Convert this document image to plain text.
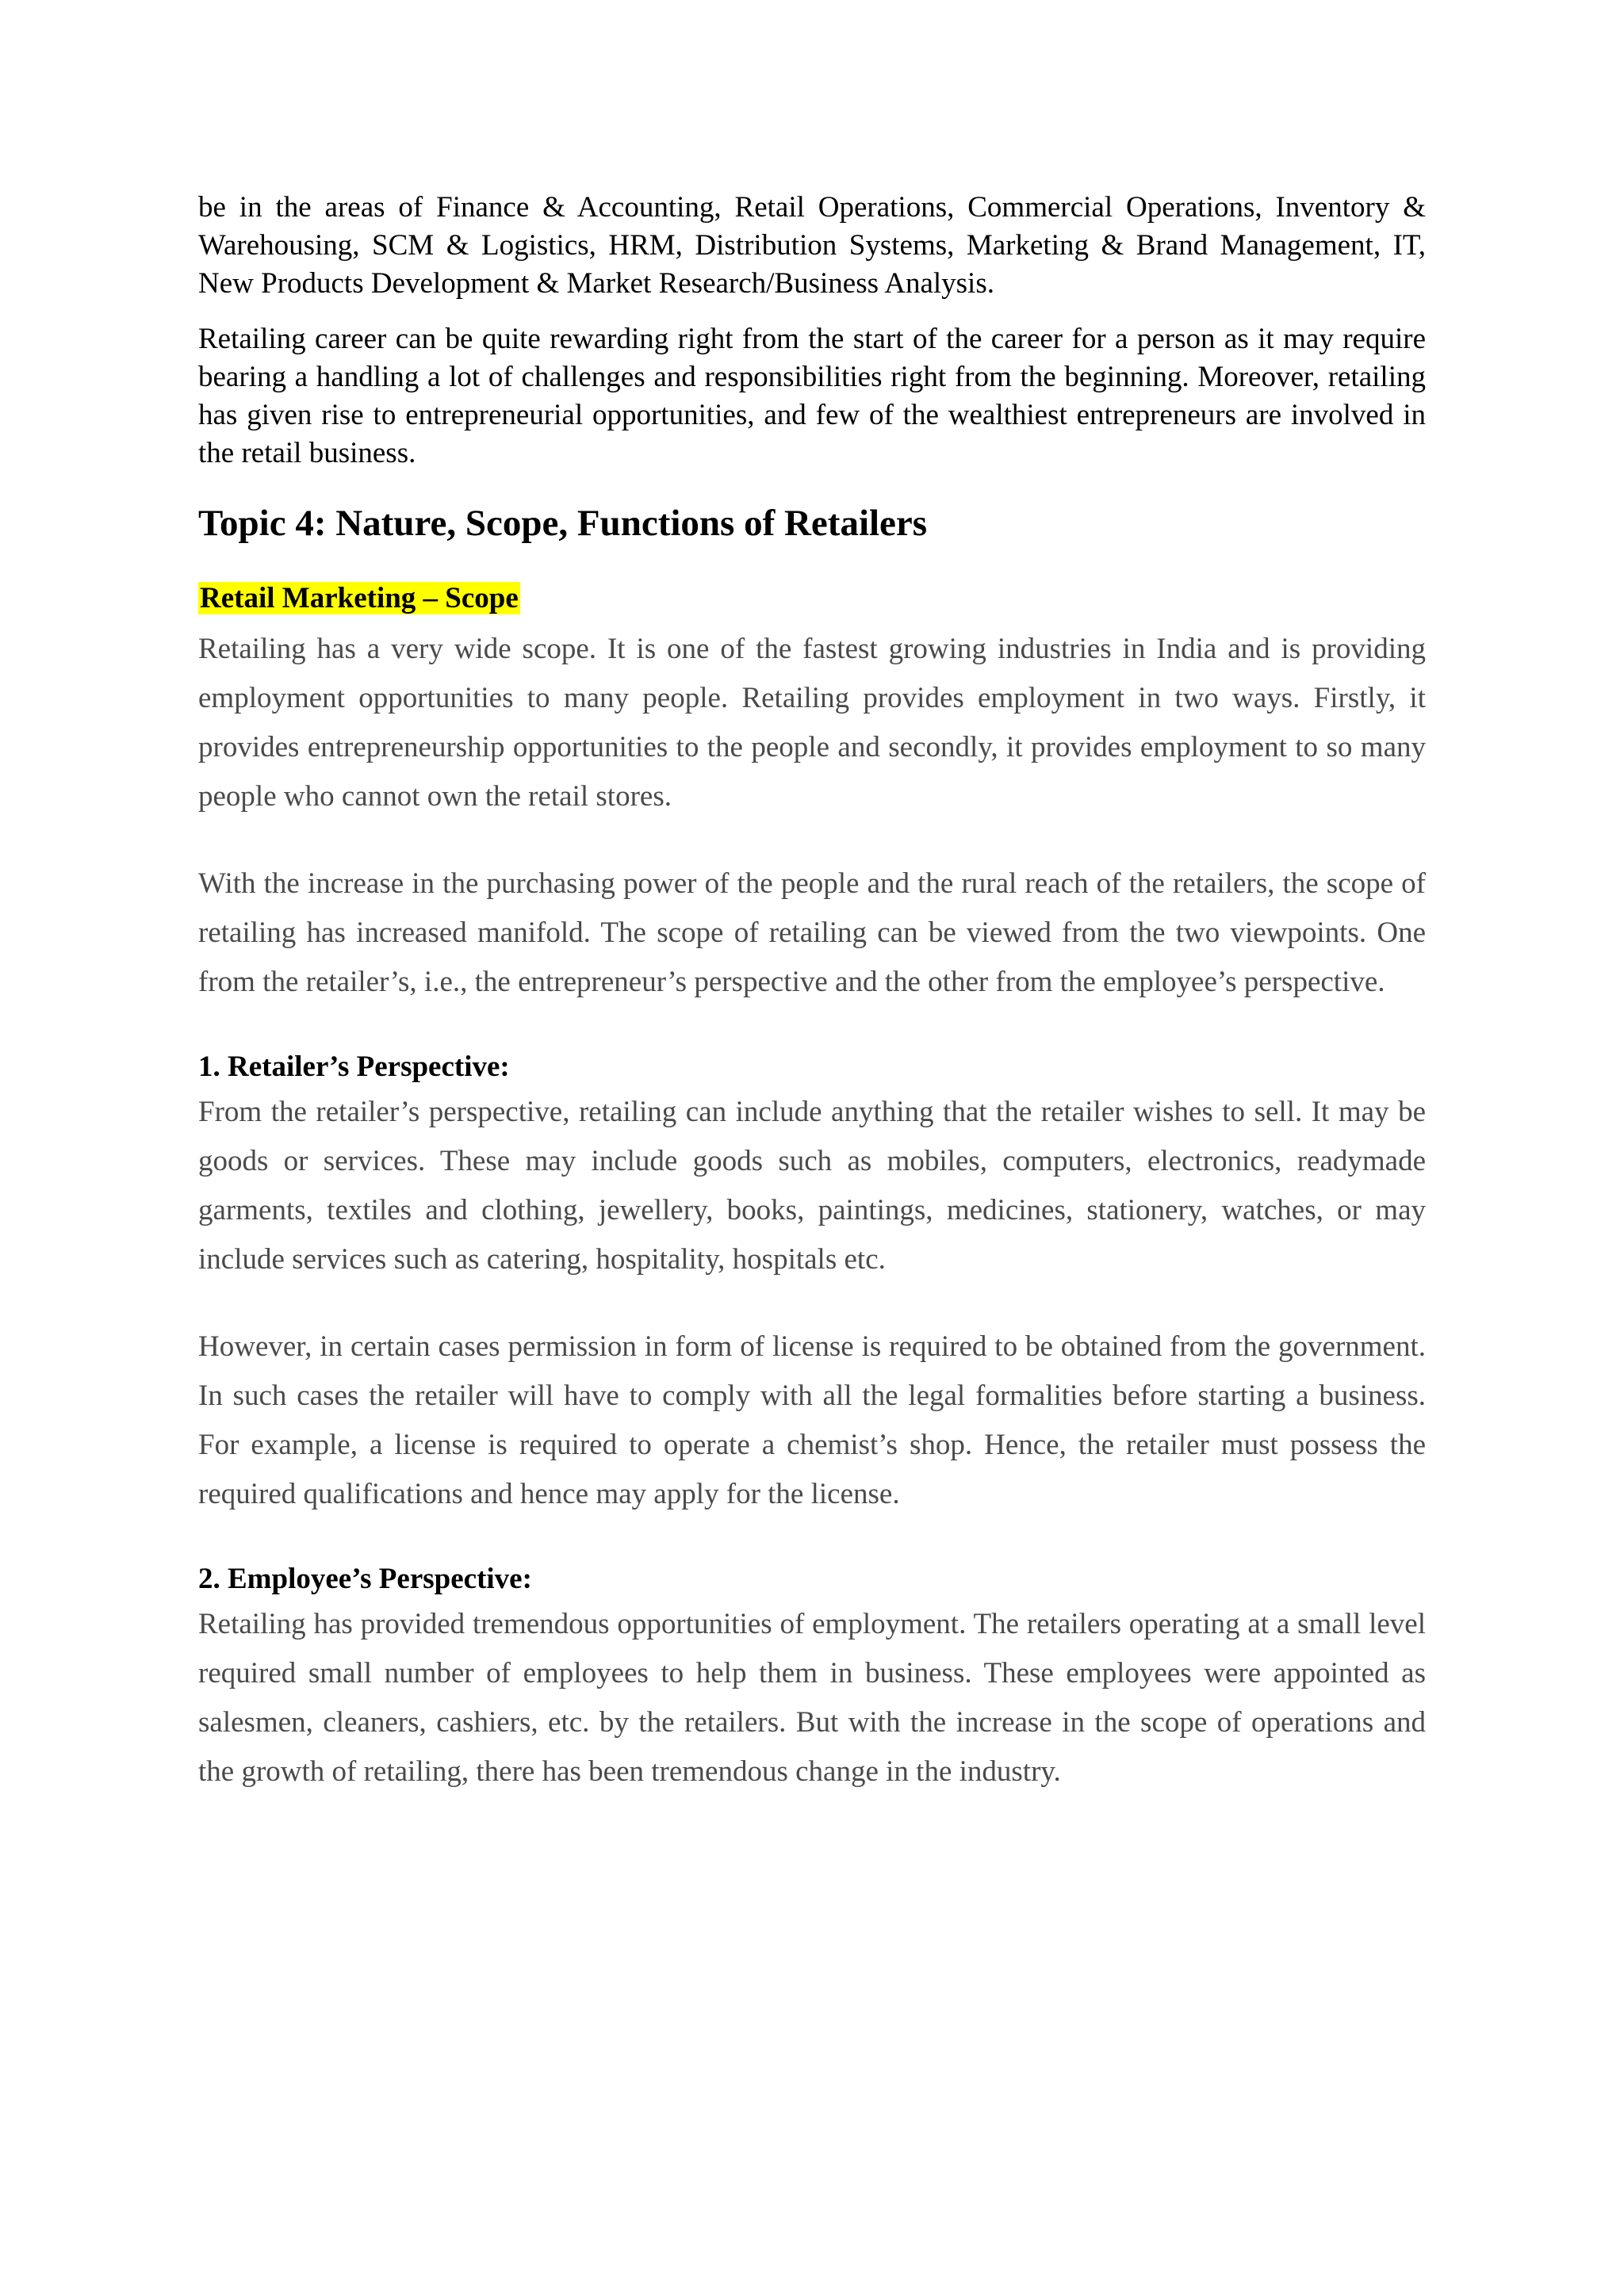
be in the areas of Finance & Accounting, Retail Operations, Commercial Operations, Inventory & Warehousing, SCM & Logistics, HRM, Distribution Systems, Marketing & Brand Management, IT, New Products Development & Market Research/Business Analysis.

Retailing career can be quite rewarding right from the start of the career for a person as it may require bearing a handling a lot of challenges and responsibilities right from the beginning. Moreover, retailing has given rise to entrepreneurial opportunities, and few of the wealthiest entrepreneurs are involved in the retail business.

Topic 4: Nature, Scope, Functions of Retailers
Retail Marketing – Scope

Retailing has a very wide scope. It is one of the fastest growing industries in India and is providing employment opportunities to many people. Retailing provides employment in two ways. Firstly, it provides entrepreneurship opportunities to the people and secondly, it provides employment to so many people who cannot own the retail stores.

With the increase in the purchasing power of the people and the rural reach of the retailers, the scope of retailing has increased manifold. The scope of retailing can be viewed from the two viewpoints. One from the retailer’s, i.e., the entrepreneur’s perspective and the other from the employee’s perspective.

1. Retailer’s Perspective:

From the retailer’s perspective, retailing can include anything that the retailer wishes to sell. It may be goods or services. These may include goods such as mobiles, computers, electronics, readymade garments, textiles and clothing, jewellery, books, paintings, medicines, stationery, watches, or may include services such as catering, hospitality, hospitals etc.

However, in certain cases permission in form of license is required to be obtained from the government. In such cases the retailer will have to comply with all the legal formalities before starting a business. For example, a license is required to operate a chemist’s shop. Hence, the retailer must possess the required qualifications and hence may apply for the license.

2. Employee’s Perspective:

Retailing has provided tremendous opportunities of employment. The retailers operating at a small level required small number of employees to help them in business. These employees were appointed as salesmen, cleaners, cashiers, etc. by the retailers. But with the increase in the scope of operations and the growth of retailing, there has been tremendous change in the industry.
